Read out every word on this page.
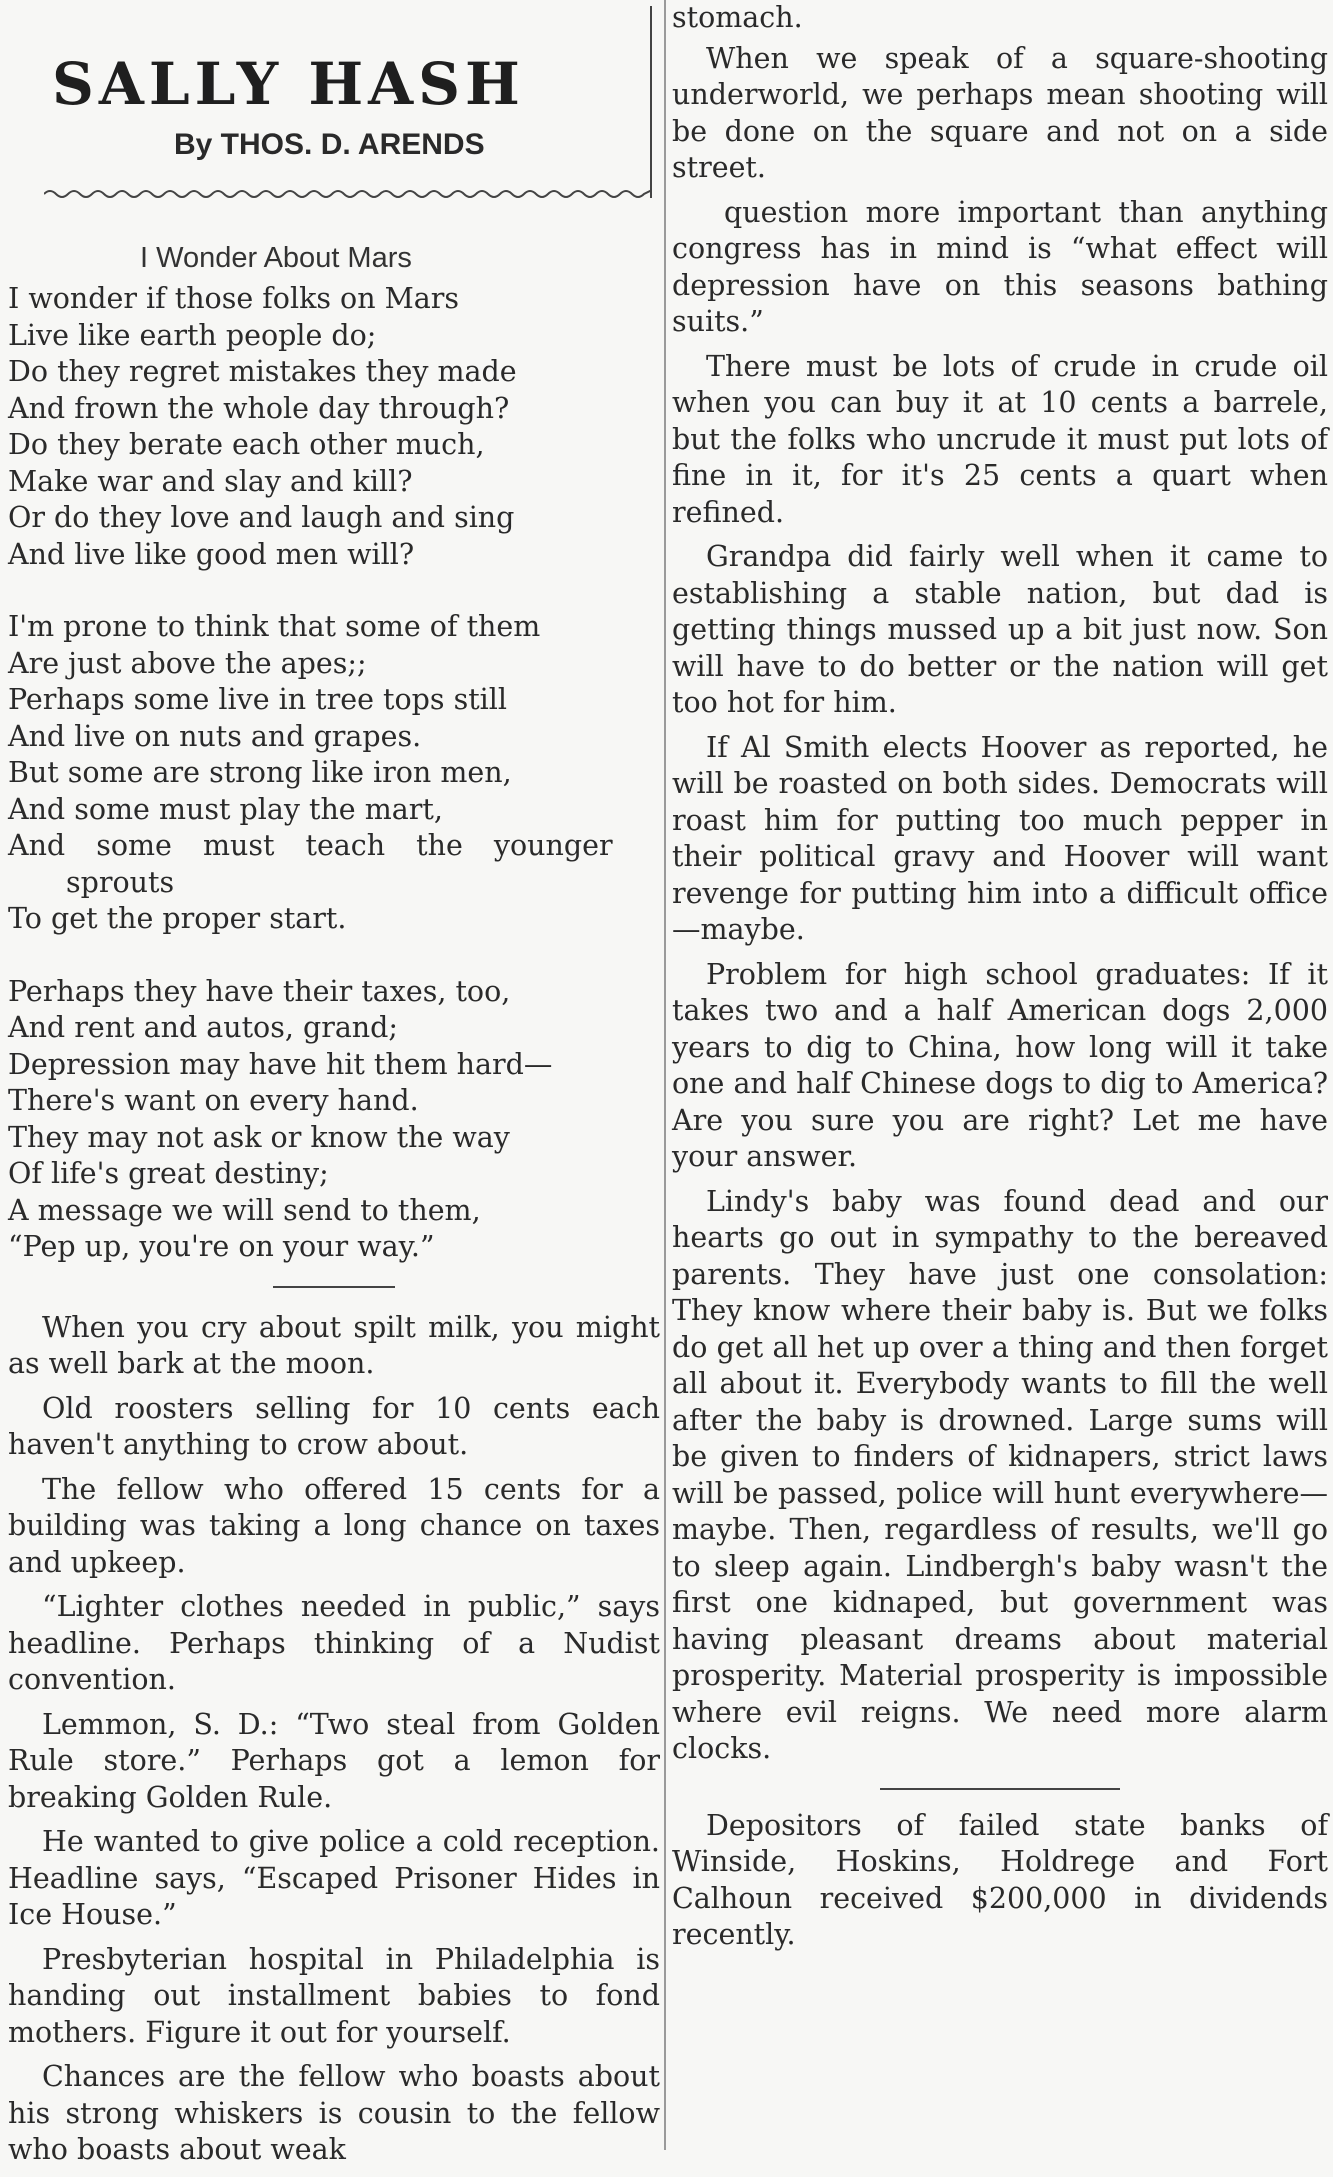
SALLY HASH
By THOS. D. ARENDS
I Wonder About Mars
I wonder if those folks on Mars
Live like earth people do;
Do they regret mistakes they made
And frown the whole day through?
Do they berate each other much,
Make war and slay and kill?
Or do they love and laugh and sing
And live like good men will?
I'm prone to think that some of them
Are just above the apes;;
Perhaps some live in tree tops still
And live on nuts and grapes.
But some are strong like iron men,
And some must play the mart,
And some must teach the younger
sprouts
To get the proper start.
Perhaps they have their taxes, too,
And rent and autos, grand;
Depression may have hit them hard—
There's want on every hand.
They may not ask or know the way
Of life's great destiny;
A message we will send to them,
“Pep up, you're on your way.”

When you cry about spilt milk, you might as well bark at the moon.

Old roosters selling for 10 cents each haven't anything to crow about.

The fellow who offered 15 cents for a building was taking a long chance on taxes and upkeep.

“Lighter clothes needed in public,” says headline. Perhaps thinking of a Nudist convention.

Lemmon, S. D.: “Two steal from Golden Rule store.” Perhaps got a lemon for breaking Golden Rule.

He wanted to give police a cold reception. Headline says, “Escaped Prisoner Hides in Ice House.”

Presbyterian hospital in Philadelphia is handing out installment babies to fond mothers. Figure it out for yourself.

Chances are the fellow who boasts about his strong whiskers is cousin to the fellow who boasts about weak

stomach.

When we speak of a square-shooting underworld, we perhaps mean shooting will be done on the square and not on a side street.

question more important than anything congress has in mind is “what effect will depression have on this seasons bathing suits.”

There must be lots of crude in crude oil when you can buy it at 10 cents a barrele, but the folks who uncrude it must put lots of fine in it, for it's 25 cents a quart when refined.

Grandpa did fairly well when it came to establishing a stable nation, but dad is getting things mussed up a bit just now. Son will have to do better or the nation will get too hot for him.

If Al Smith elects Hoover as reported, he will be roasted on both sides. Democrats will roast him for putting too much pepper in their political gravy and Hoover will want revenge for putting him into a difficult office—maybe.

Problem for high school graduates: If it takes two and a half American dogs 2,000 years to dig to China, how long will it take one and half Chinese dogs to dig to America? Are you sure you are right? Let me have your answer.

Lindy's baby was found dead and our hearts go out in sympathy to the bereaved parents. They have just one consolation: They know where their baby is. But we folks do get all het up over a thing and then forget all about it. Everybody wants to fill the well after the baby is drowned. Large sums will be given to finders of kidnapers, strict laws will be passed, police will hunt everywhere—maybe. Then, regardless of results, we'll go to sleep again. Lindbergh's baby wasn't the first one kidnaped, but government was having pleasant dreams about material prosperity. Material prosperity is impossible where evil reigns. We need more alarm clocks.

Depositors of failed state banks of Winside, Hoskins, Holdrege and Fort Calhoun received $200,000 in dividends recently.
